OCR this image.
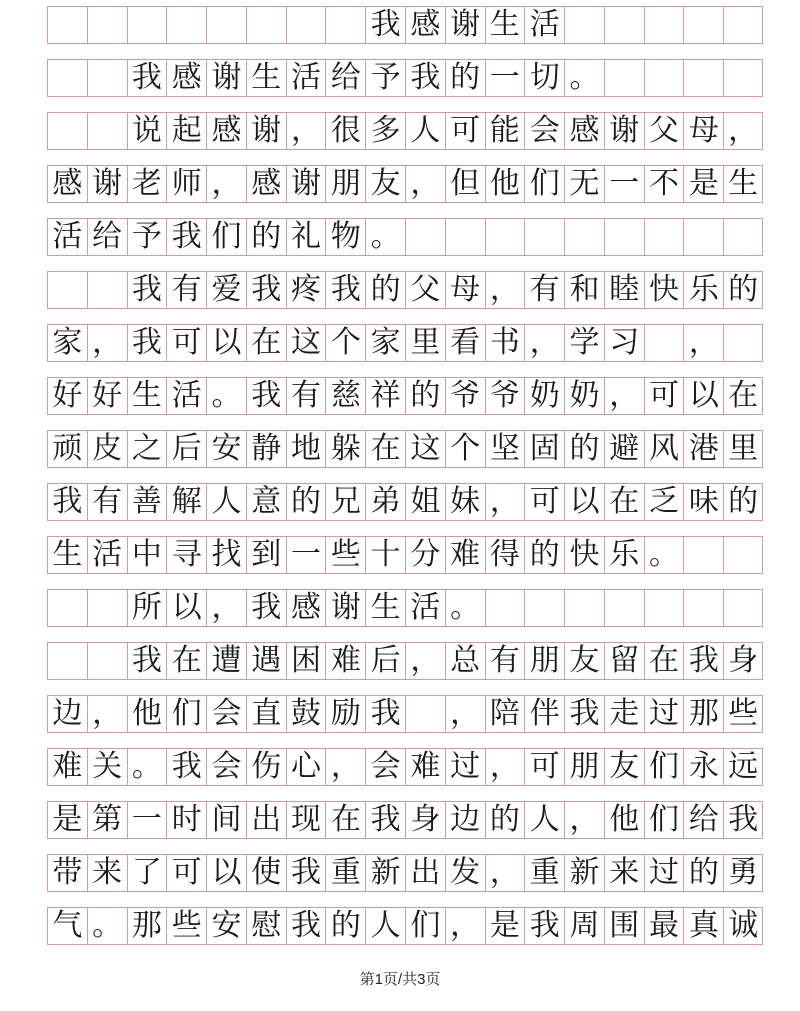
我 感 谢 生 活
我 感 谢 生 活 给 予 我 的 一 切 。
说 起 感 谢 ， 很 多 人 可 能 会 感 谢 父 母 ，
感 谢 老 师 ， 感 谢 朋 友 ， 但 他 们 无 一 不 是 生
活 给 予 我 们 的 礼 物 。
我 有 爱 我 疼 我 的 父 母 ， 有 和 睦 快 乐 的
家 ， 我 可 以 在 这 个 家 里 看 书 ， 学 习 ，
好 好 生 活 。 我 有 慈 祥 的 爷 爷 奶 奶 ， 可 以 在
顽 皮 之 后 安 静 地 躲 在 这 个 坚 固 的 避 风 港 里
我 有 善 解 人 意 的 兄 弟 姐 妹 ， 可 以 在 乏 味 的
生 活 中 寻 找 到 一 些 十 分 难 得 的 快 乐 。
所 以 ， 我 感 谢 生 活 。
我 在 遭 遇 困 难 后 ， 总 有 朋 友 留 在 我 身
边 ， 他 们 会 直 鼓 励 我 ， 陪 伴 我 走 过 那 些
难 关 。 我 会 伤 心 ， 会 难 过 ， 可 朋 友 们 永 远
是 第 一 时 间 出 现 在 我 身 边 的 人 ， 他 们 给 我
带 来 了 可 以 使 我 重 新 出 发 ， 重 新 来 过 的 勇
气 。 那 些 安 慰 我 的 人 们 ， 是 我 周 围 最 真 诚
第1页/共3页
